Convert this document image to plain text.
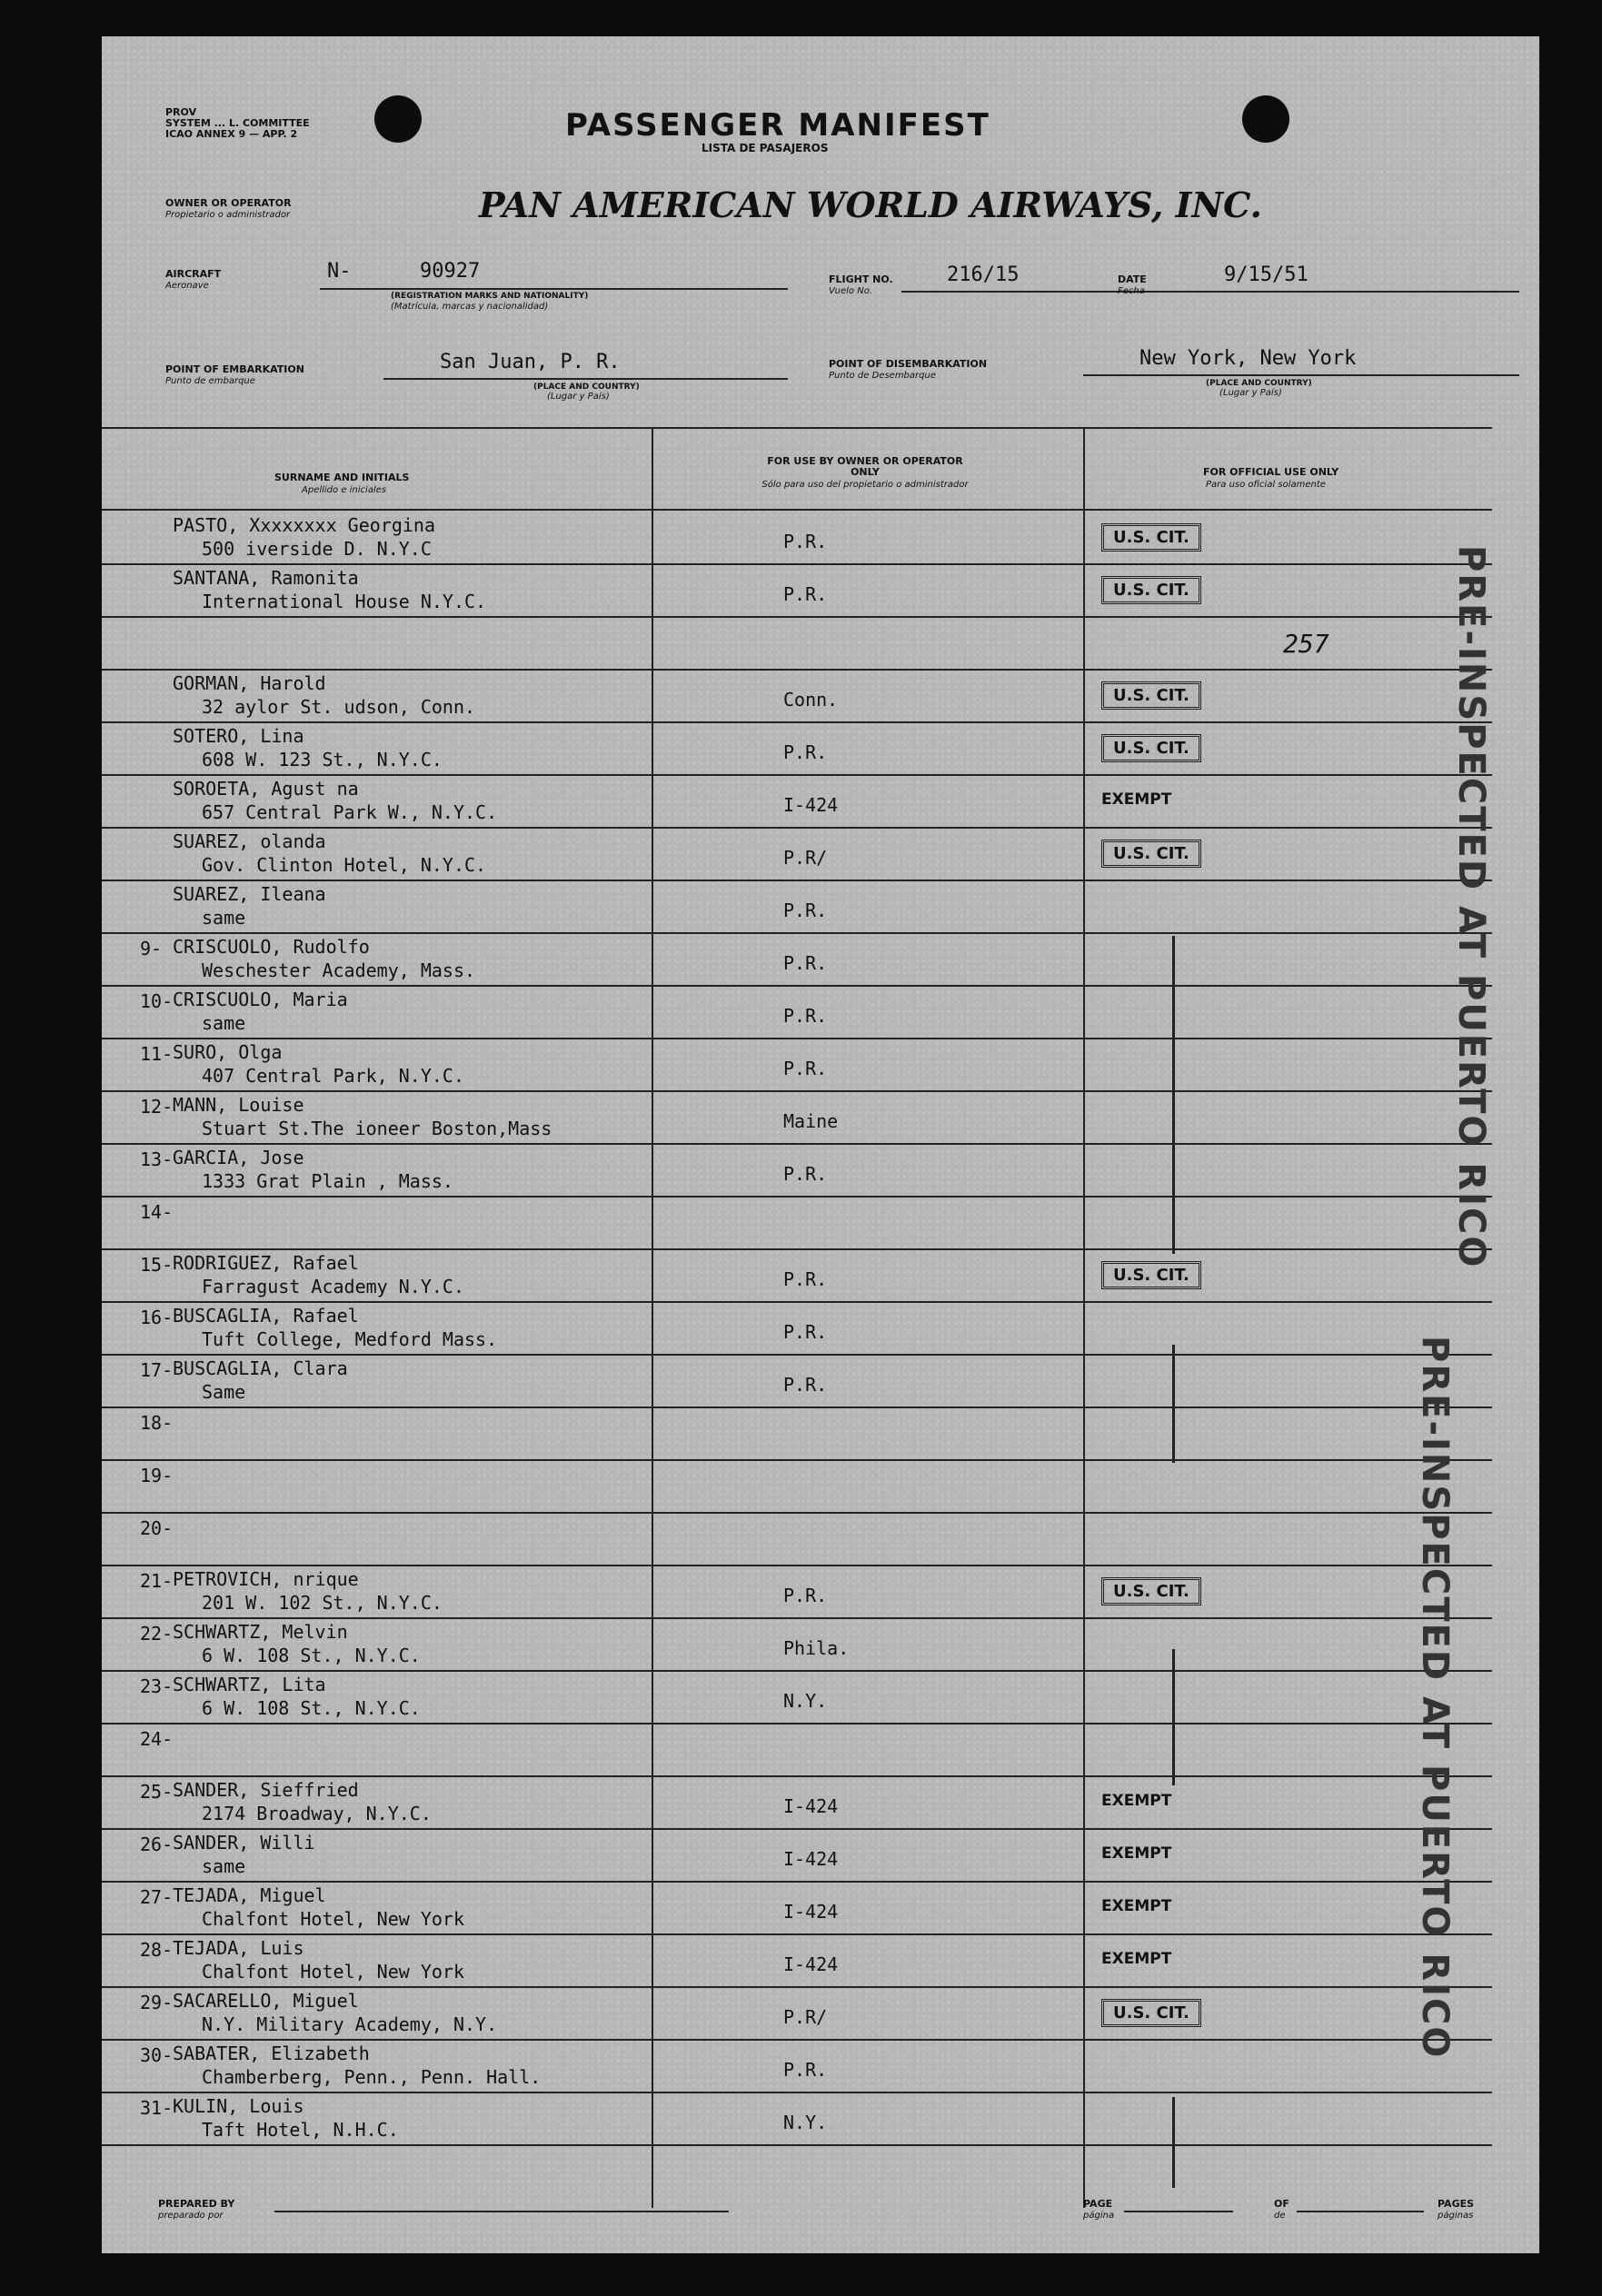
PROV
SYSTEM ... L. COMMITTEE
ICAO ANNEX 9 — APP. 2	PASSENGER MANIFEST
LISTA DE PASAJEROS
OWNER OR OPERATOR
Propietario o administrador	PAN AMERICAN WORLD AIRWAYS, INC.
AIRCRAFT
Aeronave
N-	90927
(REGISTRATION MARKS AND NATIONALITY)
(Matrícula, marcas y nacionalidad)
FLIGHT NO.
Vuelo No.
216/15	DATE
Fecha
9/15/51
POINT OF EMBARKATION
Punto de embarque
San Juan, P. R.
(PLACE AND COUNTRY)
(Lugar y País)
POINT OF DISEMBARKATION
Punto de Desembarque
New York, New York
(PLACE AND COUNTRY)
(Lugar y País)
SURNAME AND INITIALS
Apellido e iniciales
FOR USE BY OWNER OR OPERATOR ONLY
Sólo para uso del propietario o administrador
FOR OFFICIAL USE ONLY
Para uso oficial solamente
PASTO, Xxxxxxxx Georgina
500 iverside D. N.Y.C	P.R.	U.S. CIT.
SANTANA, Ramonita
International House N.Y.C.	P.R.	U.S. CIT.
257
GORMAN, Harold
32 aylor St. udson, Conn.	Conn.	U.S. CIT.
SOTERO, Lina
608 W. 123 St., N.Y.C.	P.R.	U.S. CIT.
SOROETA, Agust na
657 Central Park W., N.Y.C.	I-424	EXEMPT
SUAREZ, olanda
Gov. Clinton Hotel, N.Y.C.	P.R/	U.S. CIT.
SUAREZ, Ileana
same	P.R.
9- CRISCUOLO, Rudolfo
Weschester Academy, Mass.	P.R.
10- CRISCUOLO, Maria
same	P.R.
11- SURO, Olga
407 Central Park, N.Y.C.	P.R.
12- MANN, Louise
Stuart St.The ioneer Boston,Mass	Maine
13- GARCIA, Jose
1333 Grat Plain , Mass.	P.R.
14-
15- RODRIGUEZ, Rafael
Farragust Academy N.Y.C.	P.R.	U.S. CIT.
16- BUSCAGLIA, Rafael
Tuft College, Medford Mass.	P.R.
17- BUSCAGLIA, Clara
Same	P.R.
18-
19-
20-
21- PETROVICH, nrique
201 W. 102 St., N.Y.C.	P.R.	U.S. CIT.
22- SCHWARTZ, Melvin
6 W. 108 St., N.Y.C.	Phila.
23- SCHWARTZ, Lita
6 W. 108 St., N.Y.C.	N.Y.
24-
25- SANDER, Sieffried
2174 Broadway, N.Y.C.	I-424	EXEMPT
26- SANDER, Willi
same	I-424	EXEMPT
27- TEJADA, Miguel
Chalfont Hotel, New York	I-424	EXEMPT
28- TEJADA, Luis
Chalfont Hotel, New York	I-424	EXEMPT
29- SACARELLO, Miguel
N.Y. Military Academy, N.Y.	P.R/	U.S. CIT.
30- SABATER, Elizabeth
Chamberberg, Penn., Penn. Hall.	P.R.
31- KULIN, Louis
Taft Hotel, N.H.C.	N.Y.
PRE-INSPECTED AT PUERTO RICO
PRE-INSPECTED AT PUERTO RICO
PREPARED BY
preparado por
PAGE
página
OF
de
PAGES
páginas
